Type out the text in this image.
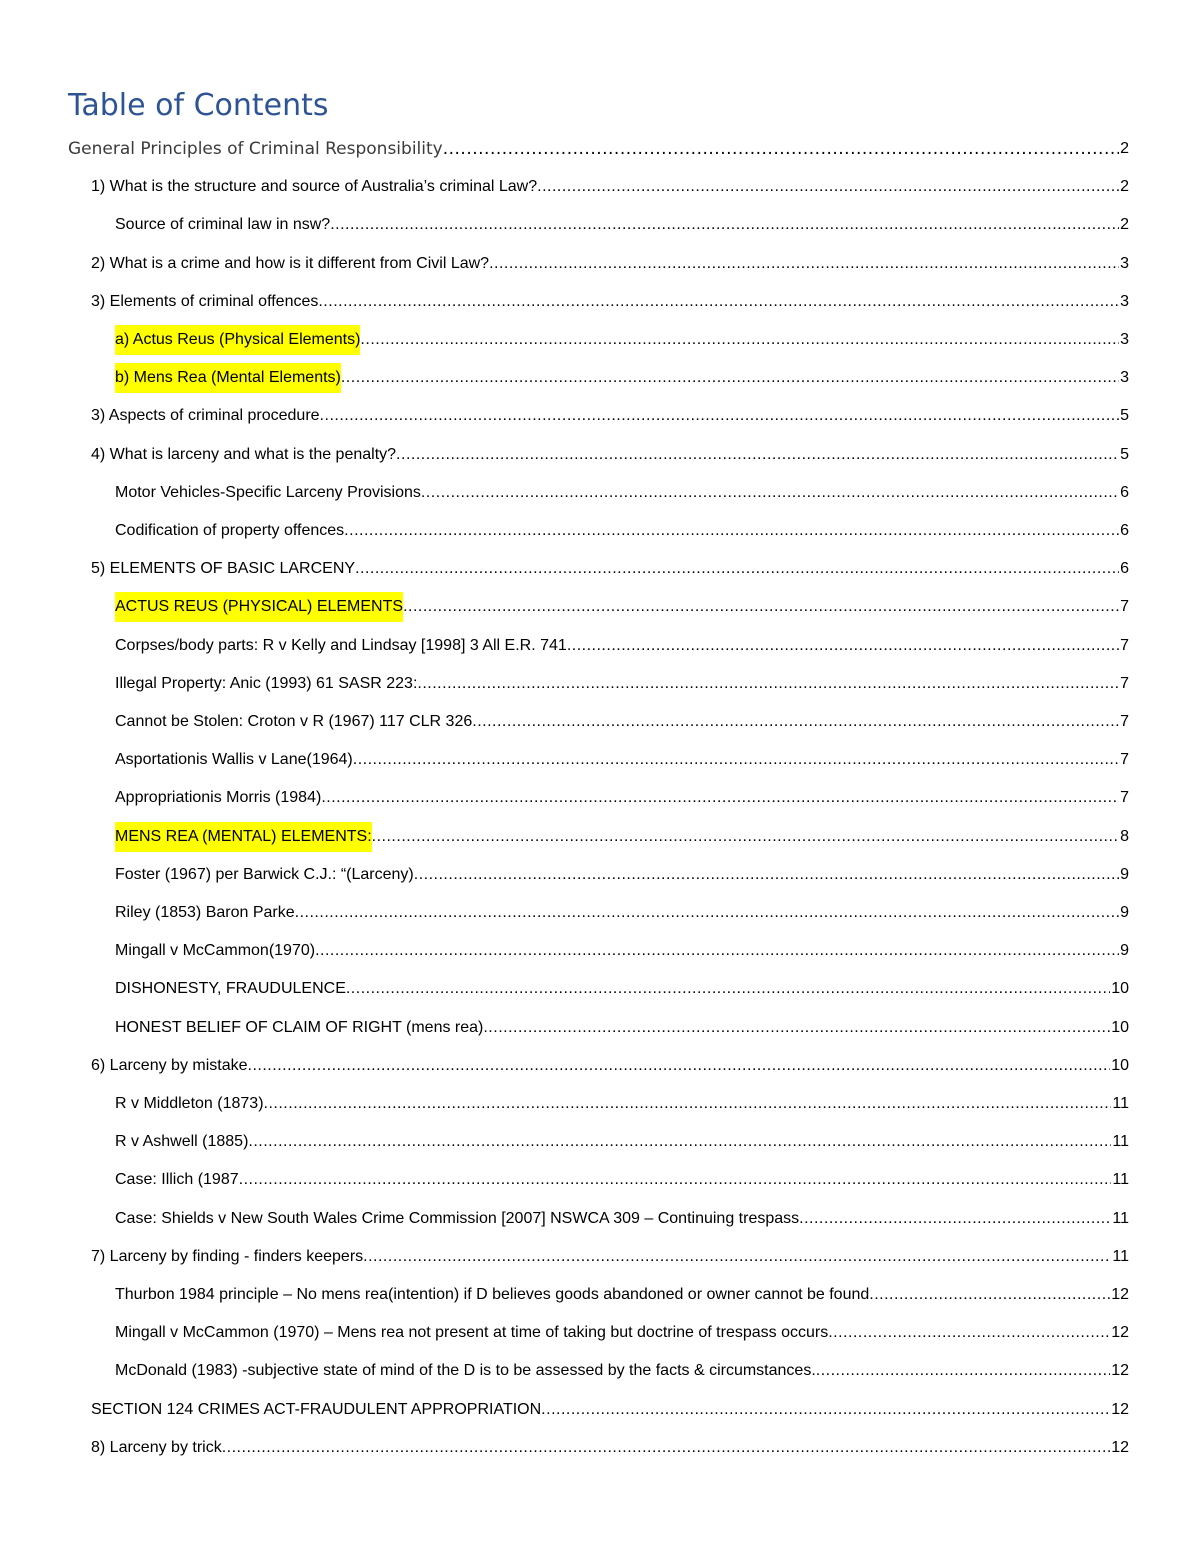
Table of Contents
General Principles of Criminal Responsibility .....	2
1) What is the structure and source of Australia’s criminal Law? .....	2
Source of criminal law in nsw? .....	2
2) What is a crime and how is it different from Civil Law? .....	3
3) Elements of criminal offences .....	3
a) Actus Reus (Physical Elements) .....	3
b) Mens Rea (Mental Elements) .....	3
3) Aspects of criminal procedure .....	5
4) What is larceny and what is the penalty? .....	5
Motor Vehicles-Specific Larceny Provisions .....	6
Codification of property offences .....	6
5) ELEMENTS OF BASIC LARCENY .....	6
ACTUS REUS (PHYSICAL) ELEMENTS .....	7
Corpses/body parts: R v Kelly and Lindsay [1998] 3 All E.R. 741 .....	7
Illegal Property: Anic (1993) 61 SASR 223: .....	7
Cannot be Stolen: Croton v R (1967) 117 CLR 326 .....	7
Asportationis Wallis v Lane(1964) .....	7
Appropriationis Morris (1984) .....	7
MENS REA (MENTAL) ELEMENTS: .....	8
Foster (1967) per Barwick C.J.: “(Larceny) .....	9
Riley (1853) Baron Parke .....	9
Mingall v McCammon(1970) .....	9
DISHONESTY, FRAUDULENCE .....	10
HONEST BELIEF OF CLAIM OF RIGHT (mens rea) .....	10
6) Larceny by mistake .....	10
R v Middleton (1873) .....	11
R v Ashwell (1885) .....	11
Case: Illich (1987 .....	11
Case: Shields v New South Wales Crime Commission [2007] NSWCA 309 – Continuing trespass .....	11
7) Larceny by finding - finders keepers .....	11
Thurbon 1984 principle – No mens rea(intention) if D believes goods abandoned or owner cannot be found .....	12
Mingall v McCammon (1970) – Mens rea not present at time of taking but doctrine of trespass occurs .....	12
McDonald (1983) -subjective state of mind of the D is to be assessed by the facts & circumstances. .....	12
SECTION 124 CRIMES ACT-FRAUDULENT APPROPRIATION .....	12
8) Larceny by trick .....	12
